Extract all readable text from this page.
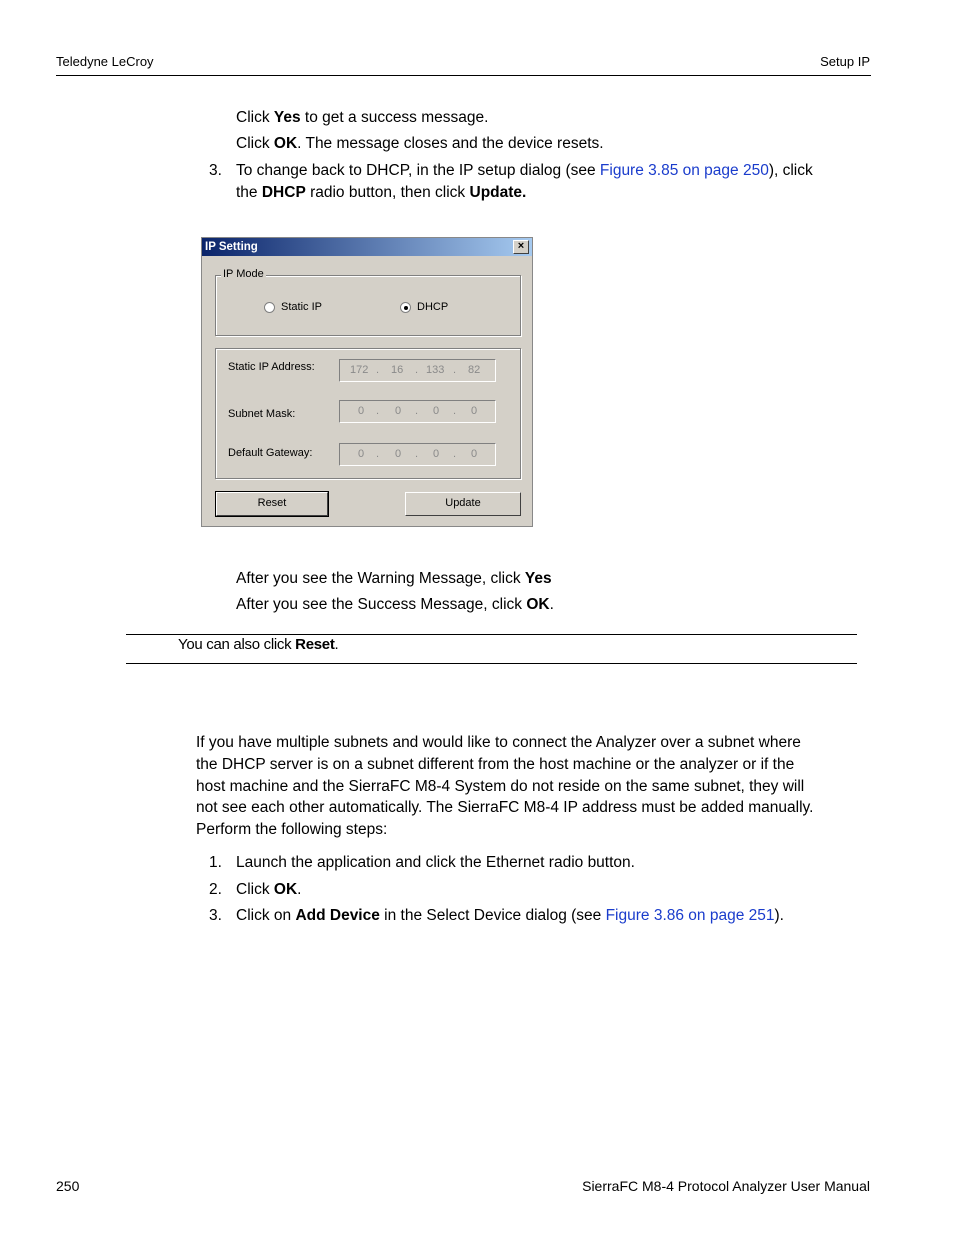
Teledyne LeCroy	Setup IP
Click Yes to get a success message.
Click OK. The message closes and the device resets.
3. To change back to DHCP, in the IP setup dialog (see Figure 3.85 on page 250), click
the DHCP radio button, then click Update.
IP Setting	×
IP Mode
Static IP	DHCP
Static IP Address:	172 . 16 . 133 . 82
Subnet Mask:	0 . 0 . 0 . 0
Default Gateway:	0 . 0 . 0 . 0
Reset	Update
After you see the Warning Message, click Yes
After you see the Success Message, click OK.
You can also click Reset.
If you have multiple subnets and would like to connect the Analyzer over a subnet where
the DHCP server is on a subnet different from the host machine or the analyzer or if the
host machine and the SierraFC M8-4 System do not reside on the same subnet, they will
not see each other automatically. The SierraFC M8-4 IP address must be added manually.
Perform the following steps:
1. Launch the application and click the Ethernet radio button.
2. Click OK.
3. Click on Add Device in the Select Device dialog (see Figure 3.86 on page 251).
250	SierraFC M8-4 Protocol Analyzer User Manual
